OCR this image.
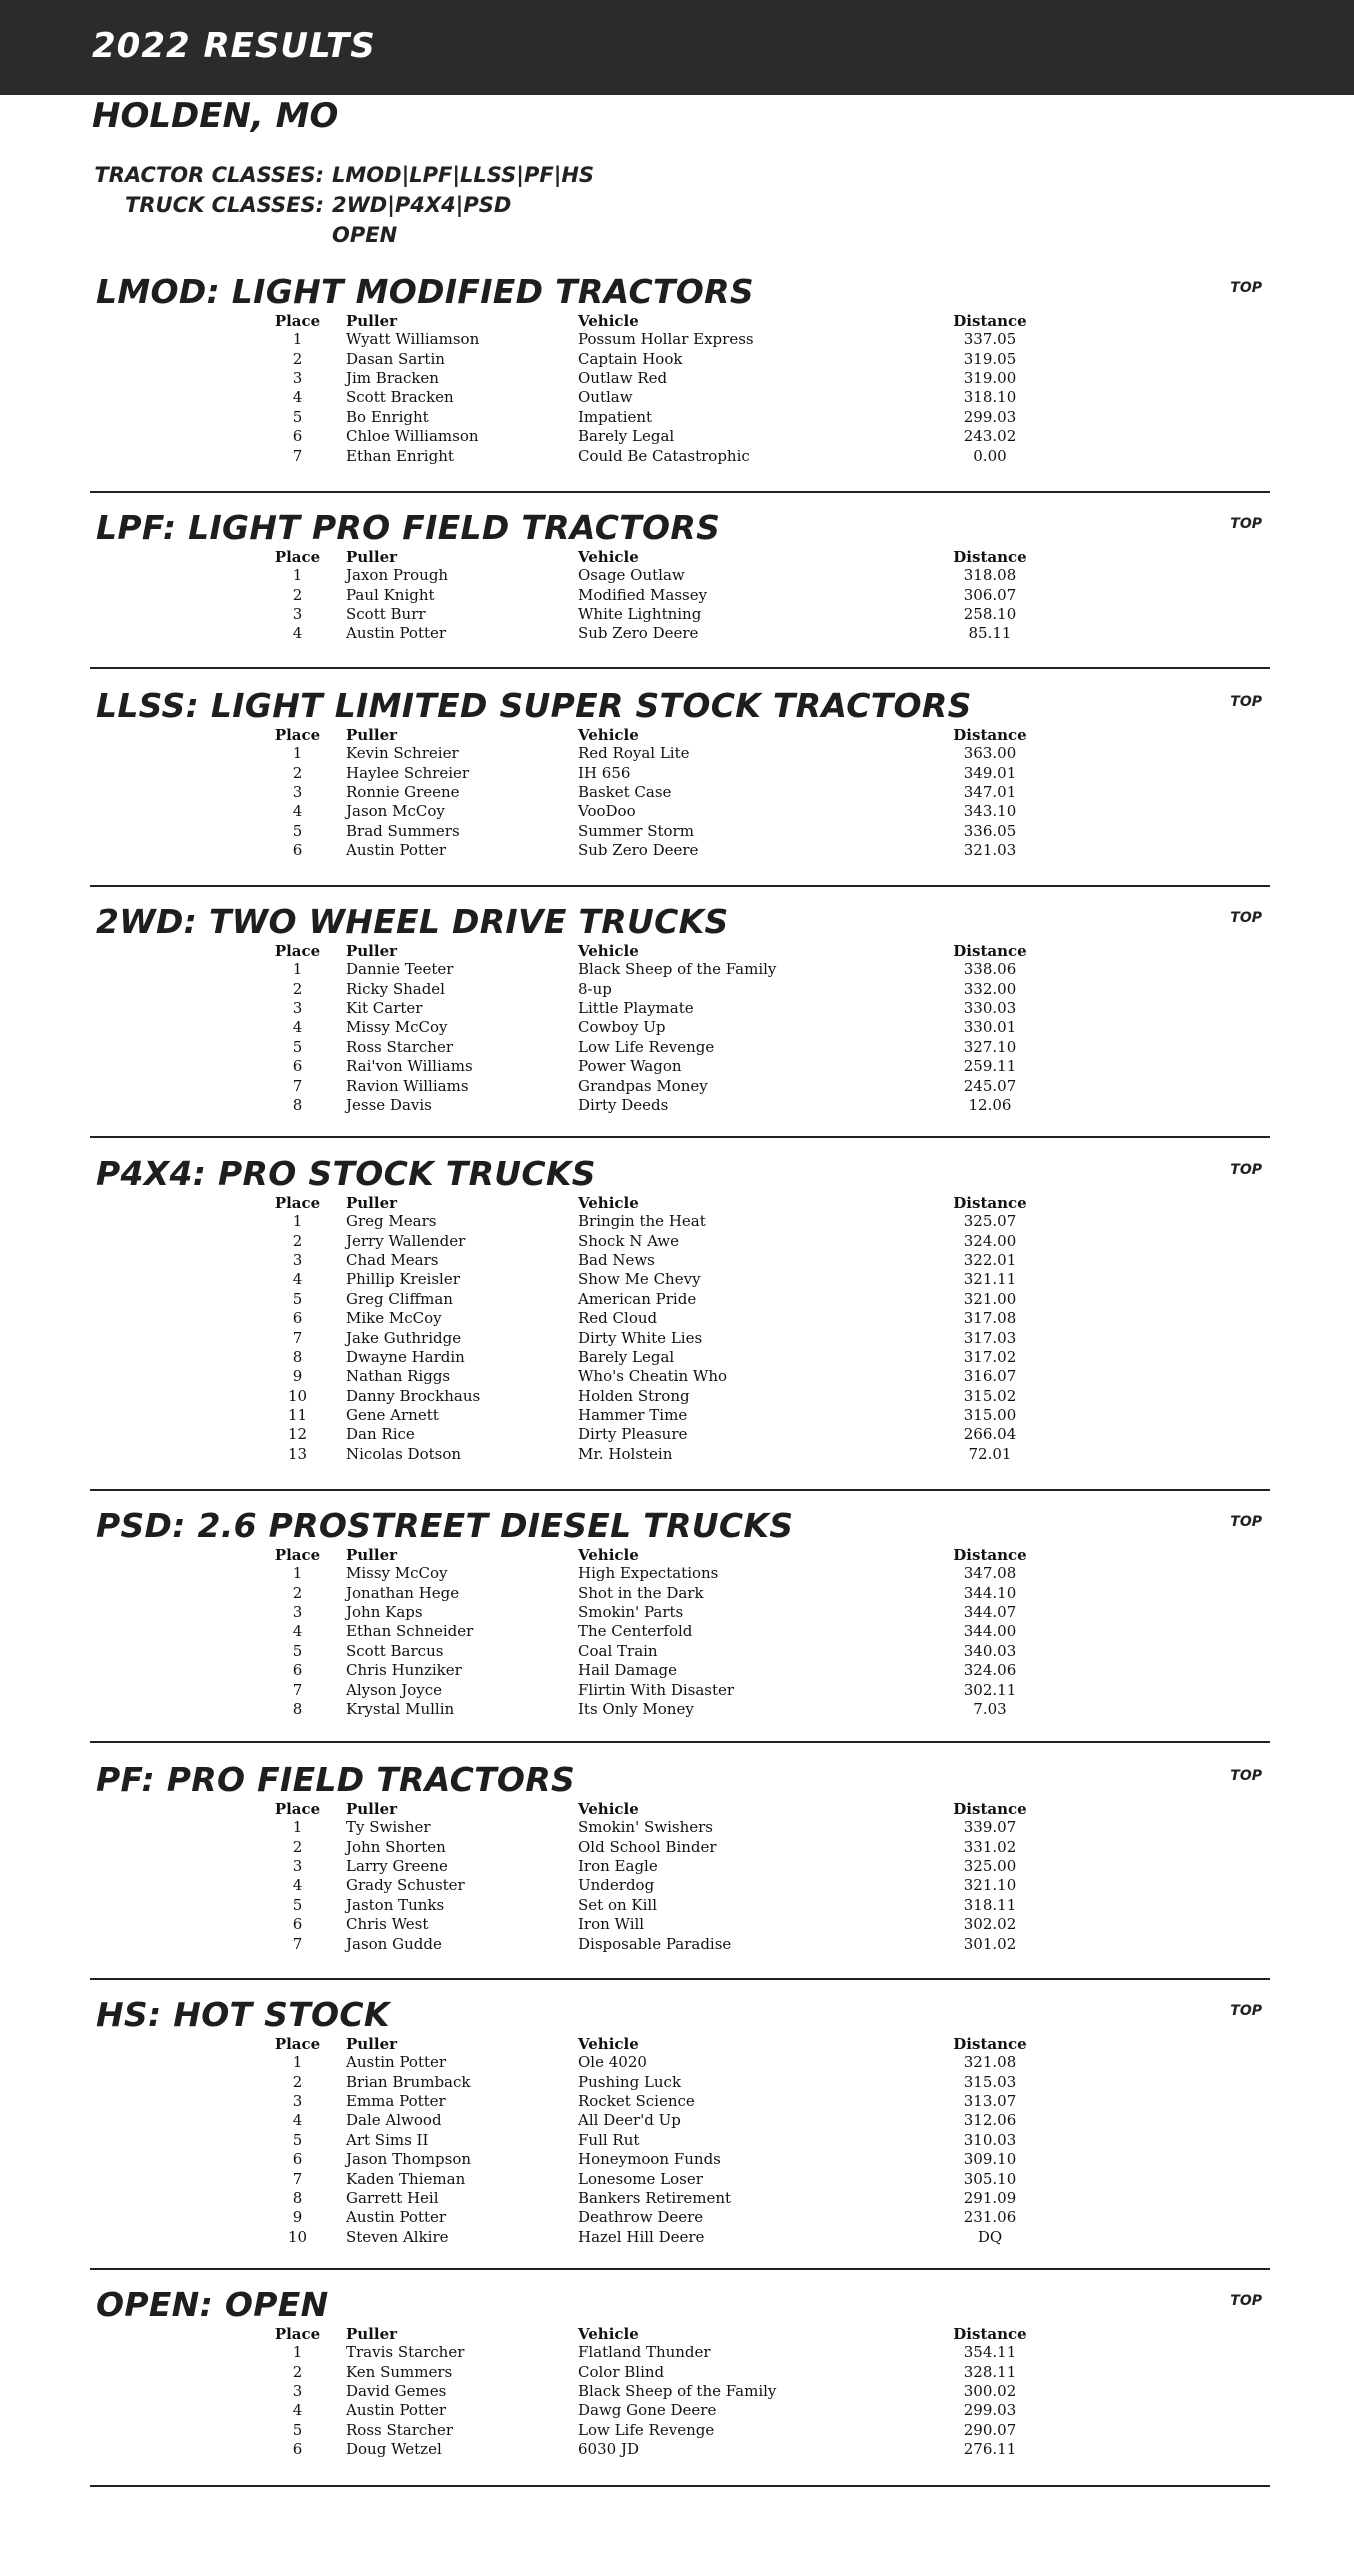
2022 RESULTS
HOLDEN, MO
TRACTOR CLASSES: LMOD|LPF|LLSS|PF|HS
TRUCK CLASSES: 2WD|P4X4|PSD
OPEN
LMOD: LIGHT MODIFIED TRACTORS	TOP
	Place	Puller	Vehicle	Distance	
	1	Wyatt Williamson	Possum Hollar Express	337.05	
	2	Dasan Sartin	Captain Hook	319.05	
	3	Jim Bracken	Outlaw Red	319.00	
	4	Scott Bracken	Outlaw	318.10	
	5	Bo Enright	Impatient	299.03	
	6	Chloe Williamson	Barely Legal	243.02	
	7	Ethan Enright	Could Be Catastrophic	0.00	
LPF: LIGHT PRO FIELD TRACTORS	TOP
	Place	Puller	Vehicle	Distance	
	1	Jaxon Prough	Osage Outlaw	318.08	
	2	Paul Knight	Modified Massey	306.07	
	3	Scott Burr	White Lightning	258.10	
	4	Austin Potter	Sub Zero Deere	85.11	
LLSS: LIGHT LIMITED SUPER STOCK TRACTORS	TOP
	Place	Puller	Vehicle	Distance	
	1	Kevin Schreier	Red Royal Lite	363.00	
	2	Haylee Schreier	IH 656	349.01	
	3	Ronnie Greene	Basket Case	347.01	
	4	Jason McCoy	VooDoo	343.10	
	5	Brad Summers	Summer Storm	336.05	
	6	Austin Potter	Sub Zero Deere	321.03	
2WD: TWO WHEEL DRIVE TRUCKS	TOP
	Place	Puller	Vehicle	Distance	
	1	Dannie Teeter	Black Sheep of the Family	338.06	
	2	Ricky Shadel	8-up	332.00	
	3	Kit Carter	Little Playmate	330.03	
	4	Missy McCoy	Cowboy Up	330.01	
	5	Ross Starcher	Low Life Revenge	327.10	
	6	Rai'von Williams	Power Wagon	259.11	
	7	Ravion Williams	Grandpas Money	245.07	
	8	Jesse Davis	Dirty Deeds	12.06	
P4X4: PRO STOCK TRUCKS	TOP
	Place	Puller	Vehicle	Distance	
	1	Greg Mears	Bringin the Heat	325.07	
	2	Jerry Wallender	Shock N Awe	324.00	
	3	Chad Mears	Bad News	322.01	
	4	Phillip Kreisler	Show Me Chevy	321.11	
	5	Greg Cliffman	American Pride	321.00	
	6	Mike McCoy	Red Cloud	317.08	
	7	Jake Guthridge	Dirty White Lies	317.03	
	8	Dwayne Hardin	Barely Legal	317.02	
	9	Nathan Riggs	Who's Cheatin Who	316.07	
	10	Danny Brockhaus	Holden Strong	315.02	
	11	Gene Arnett	Hammer Time	315.00	
	12	Dan Rice	Dirty Pleasure	266.04	
	13	Nicolas Dotson	Mr. Holstein	72.01	
PSD: 2.6 PROSTREET DIESEL TRUCKS	TOP
	Place	Puller	Vehicle	Distance	
	1	Missy McCoy	High Expectations	347.08	
	2	Jonathan Hege	Shot in the Dark	344.10	
	3	John Kaps	Smokin' Parts	344.07	
	4	Ethan Schneider	The Centerfold	344.00	
	5	Scott Barcus	Coal Train	340.03	
	6	Chris Hunziker	Hail Damage	324.06	
	7	Alyson Joyce	Flirtin With Disaster	302.11	
	8	Krystal Mullin	Its Only Money	7.03	
PF: PRO FIELD TRACTORS	TOP
	Place	Puller	Vehicle	Distance	
	1	Ty Swisher	Smokin' Swishers	339.07	
	2	John Shorten	Old School Binder	331.02	
	3	Larry Greene	Iron Eagle	325.00	
	4	Grady Schuster	Underdog	321.10	
	5	Jaston Tunks	Set on Kill	318.11	
	6	Chris West	Iron Will	302.02	
	7	Jason Gudde	Disposable Paradise	301.02	
HS: HOT STOCK	TOP
	Place	Puller	Vehicle	Distance	
	1	Austin Potter	Ole 4020	321.08	
	2	Brian Brumback	Pushing Luck	315.03	
	3	Emma Potter	Rocket Science	313.07	
	4	Dale Alwood	All Deer'd Up	312.06	
	5	Art Sims II	Full Rut	310.03	
	6	Jason Thompson	Honeymoon Funds	309.10	
	7	Kaden Thieman	Lonesome Loser	305.10	
	8	Garrett Heil	Bankers Retirement	291.09	
	9	Austin Potter	Deathrow Deere	231.06	
	10	Steven Alkire	Hazel Hill Deere	DQ	
OPEN: OPEN	TOP
	Place	Puller	Vehicle	Distance	
	1	Travis Starcher	Flatland Thunder	354.11	
	2	Ken Summers	Color Blind	328.11	
	3	David Gemes	Black Sheep of the Family	300.02	
	4	Austin Potter	Dawg Gone Deere	299.03	
	5	Ross Starcher	Low Life Revenge	290.07	
	6	Doug Wetzel	6030 JD	276.11	
